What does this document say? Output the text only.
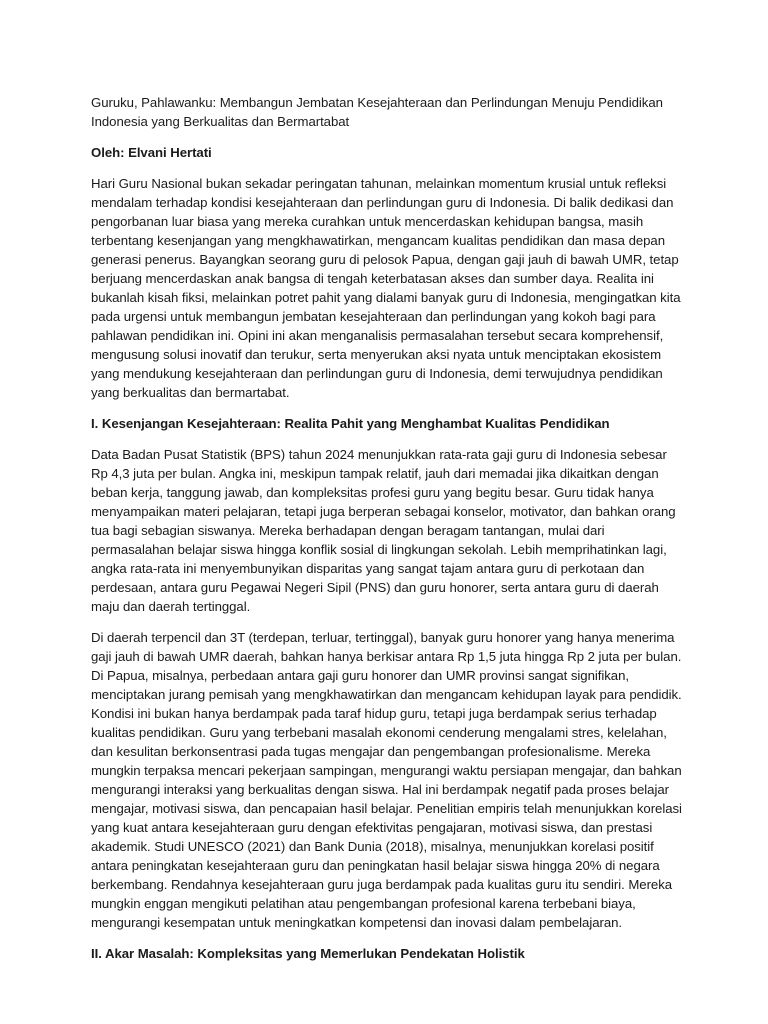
Guruku, Pahlawanku: Membangun Jembatan Kesejahteraan dan Perlindungan Menuju Pendidikan Indonesia yang Berkualitas dan Bermartabat

Oleh: Elvani Hertati

Hari Guru Nasional bukan sekadar peringatan tahunan, melainkan momentum krusial untuk refleksi mendalam terhadap kondisi kesejahteraan dan perlindungan guru di Indonesia. Di balik dedikasi dan pengorbanan luar biasa yang mereka curahkan untuk mencerdaskan kehidupan bangsa, masih terbentang kesenjangan yang mengkhawatirkan, mengancam kualitas pendidikan dan masa depan generasi penerus. Bayangkan seorang guru di pelosok Papua, dengan gaji jauh di bawah UMR, tetap berjuang mencerdaskan anak bangsa di tengah keterbatasan akses dan sumber daya. Realita ini bukanlah kisah fiksi, melainkan potret pahit yang dialami banyak guru di Indonesia, mengingatkan kita pada urgensi untuk membangun jembatan kesejahteraan dan perlindungan yang kokoh bagi para pahlawan pendidikan ini. Opini ini akan menganalisis permasalahan tersebut secara komprehensif, mengusung solusi inovatif dan terukur, serta menyerukan aksi nyata untuk menciptakan ekosistem yang mendukung kesejahteraan dan perlindungan guru di Indonesia, demi terwujudnya pendidikan yang berkualitas dan bermartabat.

I. Kesenjangan Kesejahteraan: Realita Pahit yang Menghambat Kualitas Pendidikan

Data Badan Pusat Statistik (BPS) tahun 2024 menunjukkan rata-rata gaji guru di Indonesia sebesar Rp 4,3 juta per bulan. Angka ini, meskipun tampak relatif, jauh dari memadai jika dikaitkan dengan beban kerja, tanggung jawab, dan kompleksitas profesi guru yang begitu besar. Guru tidak hanya menyampaikan materi pelajaran, tetapi juga berperan sebagai konselor, motivator, dan bahkan orang tua bagi sebagian siswanya. Mereka berhadapan dengan beragam tantangan, mulai dari permasalahan belajar siswa hingga konflik sosial di lingkungan sekolah. Lebih memprihatinkan lagi, angka rata-rata ini menyembunyikan disparitas yang sangat tajam antara guru di perkotaan dan perdesaan, antara guru Pegawai Negeri Sipil (PNS) dan guru honorer, serta antara guru di daerah maju dan daerah tertinggal.

Di daerah terpencil dan 3T (terdepan, terluar, tertinggal), banyak guru honorer yang hanya menerima gaji jauh di bawah UMR daerah, bahkan hanya berkisar antara Rp 1,5 juta hingga Rp 2 juta per bulan. Di Papua, misalnya, perbedaan antara gaji guru honorer dan UMR provinsi sangat signifikan, menciptakan jurang pemisah yang mengkhawatirkan dan mengancam kehidupan layak para pendidik. Kondisi ini bukan hanya berdampak pada taraf hidup guru, tetapi juga berdampak serius terhadap kualitas pendidikan. Guru yang terbebani masalah ekonomi cenderung mengalami stres, kelelahan, dan kesulitan berkonsentrasi pada tugas mengajar dan pengembangan profesionalisme. Mereka mungkin terpaksa mencari pekerjaan sampingan, mengurangi waktu persiapan mengajar, dan bahkan mengurangi interaksi yang berkualitas dengan siswa. Hal ini berdampak negatif pada proses belajar mengajar, motivasi siswa, dan pencapaian hasil belajar. Penelitian empiris telah menunjukkan korelasi yang kuat antara kesejahteraan guru dengan efektivitas pengajaran, motivasi siswa, dan prestasi akademik. Studi UNESCO (2021) dan Bank Dunia (2018), misalnya, menunjukkan korelasi positif antara peningkatan kesejahteraan guru dan peningkatan hasil belajar siswa hingga 20% di negara berkembang. Rendahnya kesejahteraan guru juga berdampak pada kualitas guru itu sendiri. Mereka mungkin enggan mengikuti pelatihan atau pengembangan profesional karena terbebani biaya, mengurangi kesempatan untuk meningkatkan kompetensi dan inovasi dalam pembelajaran.

II. Akar Masalah: Kompleksitas yang Memerlukan Pendekatan Holistik
